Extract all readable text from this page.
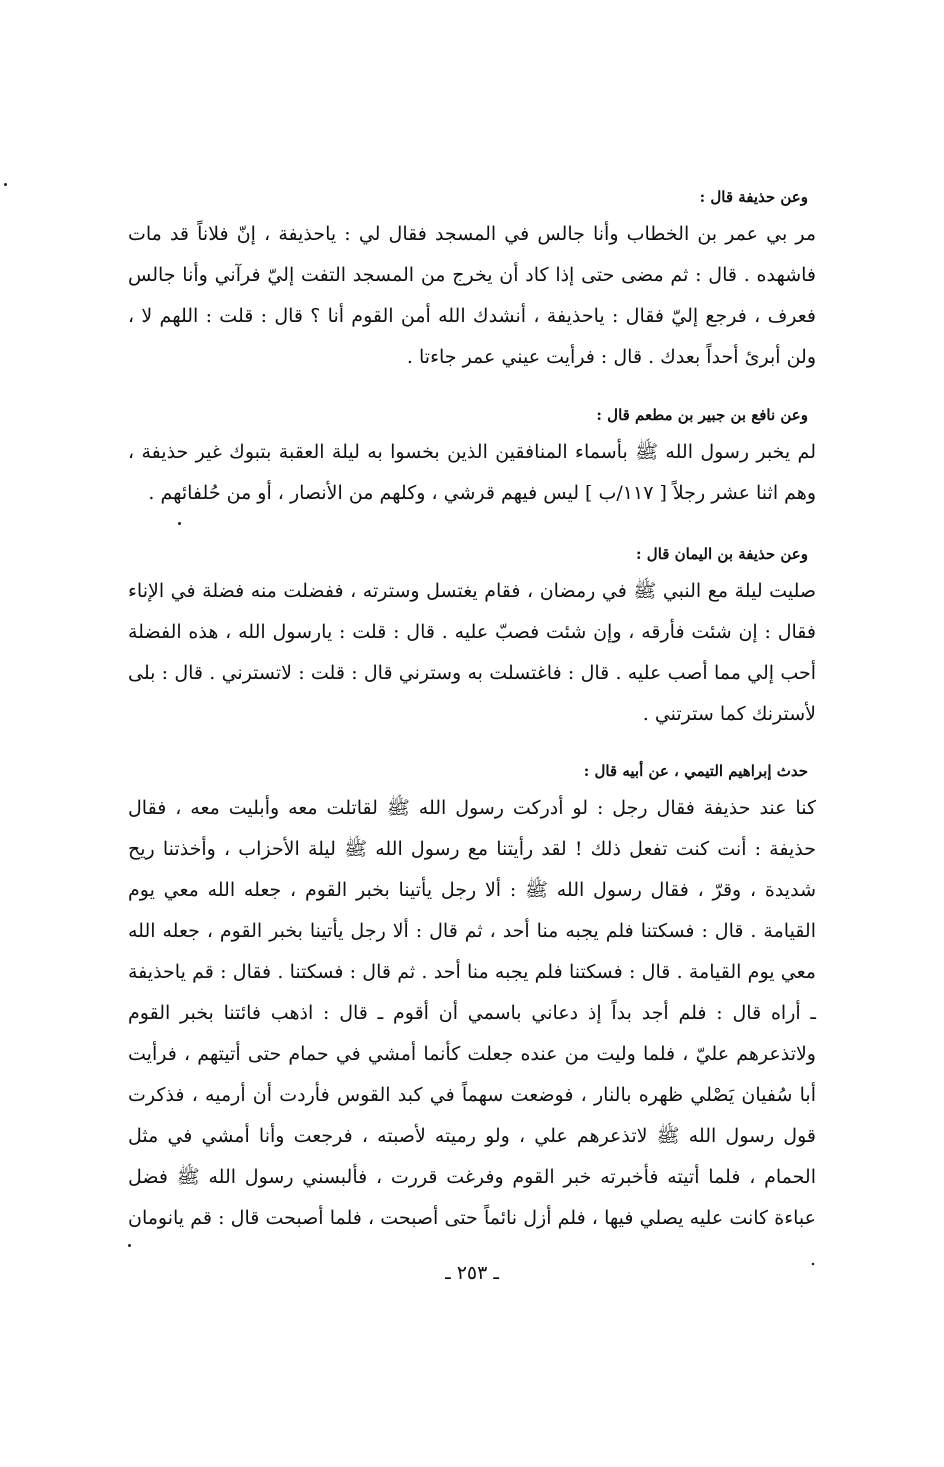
وعن حذيفة قال :

مر بي عمر بن الخطاب وأنا جالس في المسجد فقال لي : ياحذيفة ، إنّ فلاناً قد مات فاشهده . قال : ثم مضى حتى إذا كاد أن يخرج من المسجد التفت إليّ فرآني وأنا جالس فعرف ، فرجع إليّ فقال : ياحذيفة ، أنشدك الله أمن القوم أنا ؟ قال : قلت : اللهم لا ، ولن أبرئ أحداً بعدك . قال : فرأيت عيني عمر جاءتا .

وعن نافع بن جبير بن مطعم قال :

لم يخبر رسول الله ﷺ بأسماء المنافقين الذين بخسوا به ليلة العقبة بتبوك غير حذيفة ، وهم اثنا عشر رجلاً [ ١١٧/ب ] ليس فيهم قرشي ، وكلهم من الأنصار ، أو من حُلفائهم .

وعن حذيفة بن اليمان قال :

صليت ليلة مع النبي ﷺ في رمضان ، فقام يغتسل وسترته ، ففضلت منه فضلة في الإناء فقال : إن شئت فأرقه ، وإن شئت فصبّ عليه . قال : قلت : يارسول الله ، هذه الفضلة أحب إلي مما أصب عليه . قال : فاغتسلت به وسترني قال : قلت : لاتسترني . قال : بلى لأسترنك كما سترتني .

حدث إبراهيم التيمي ، عن أبيه قال :

كنا عند حذيفة فقال رجل : لو أدركت رسول الله ﷺ لقاتلت معه وأبليت معه ، فقال حذيفة : أنت كنت تفعل ذلك ! لقد رأيتنا مع رسول الله ﷺ ليلة الأحزاب ، وأخذتنا ريح شديدة ، وقرّ ، فقال رسول الله ﷺ : ألا رجل يأتينا بخبر القوم ، جعله الله معي يوم القيامة . قال : فسكتنا فلم يجبه منا أحد ، ثم قال : ألا رجل يأتينا بخبر القوم ، جعله الله معي يوم القيامة . قال : فسكتنا فلم يجبه منا أحد . ثم قال : فسكتنا . فقال : قم ياحذيفة ـ أراه قال : فلم أجد بداً إذ دعاني باسمي أن أقوم ـ قال : اذهب فائتنا بخبر القوم ولاتذعرهم عليّ ، فلما وليت من عنده جعلت كأنما أمشي في حمام حتى أتيتهم ، فرأيت أبا سُفيان يَصْلي ظهره بالنار ، فوضعت سهماً في كبد القوس فأردت أن أرميه ، فذكرت قول رسول الله ﷺ لاتذعرهم علي ، ولو رميته لأصبته ، فرجعت وأنا أمشي في مثل الحمام ، فلما أتيته فأخبرته خبر القوم وفرغت قررت ، فألبسني رسول الله ﷺ فضل عباءة كانت عليه يصلي فيها ، فلم أزل نائماً حتى أصبحت ، فلما أصبحت قال : قم يانومان .

ـ ٢٥٣ ـ
